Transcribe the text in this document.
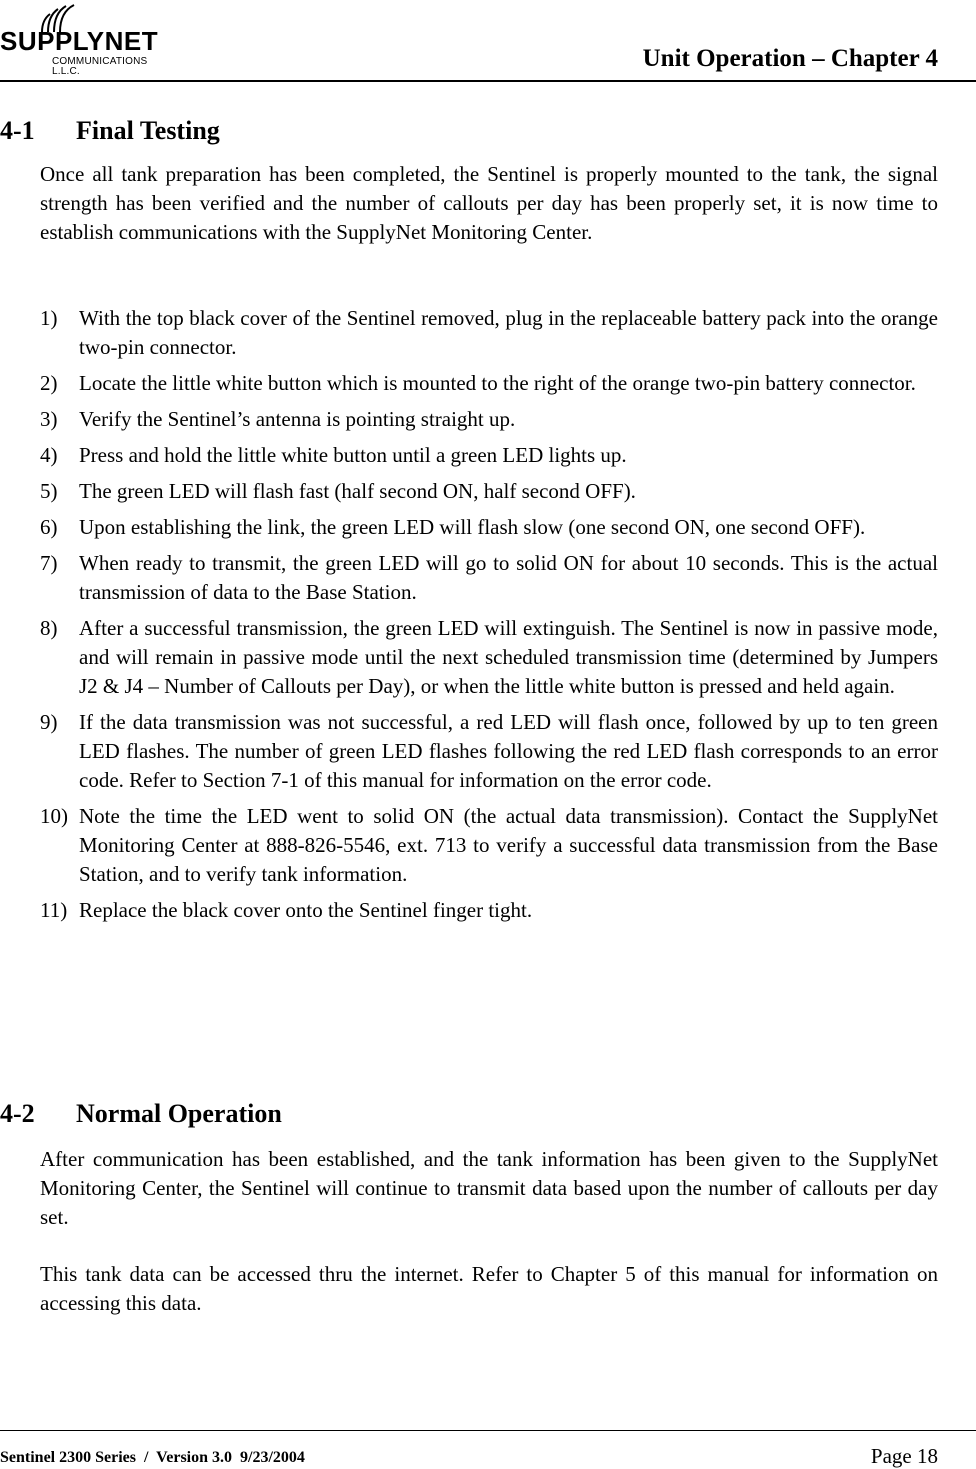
SUPPLYNET
COMMUNICATIONS L.L.C.	Unit Operation – Chapter 4
4-1 Final Testing

Once all tank preparation has been completed, the Sentinel is properly mounted to the tank, the signal strength has been verified and the number of callouts per day has been properly set, it is now time to establish communications with the SupplyNet Monitoring Center.

1) With the top black cover of the Sentinel removed, plug in the replaceable battery pack into the orange two-pin connector.
2) Locate the little white button which is mounted to the right of the orange two-pin battery connector.
3) Verify the Sentinel’s antenna is pointing straight up.
4) Press and hold the little white button until a green LED lights up.
5) The green LED will flash fast (half second ON, half second OFF).
6) Upon establishing the link, the green LED will flash slow (one second ON, one second OFF).
7) When ready to transmit, the green LED will go to solid ON for about 10 seconds. This is the actual transmission of data to the Base Station.
8) After a successful transmission, the green LED will extinguish. The Sentinel is now in passive mode, and will remain in passive mode until the next scheduled transmission time (determined by Jumpers J2 & J4 – Number of Callouts per Day), or when the little white button is pressed and held again.
9) If the data transmission was not successful, a red LED will flash once, followed by up to ten green LED flashes. The number of green LED flashes following the red LED flash corresponds to an error code. Refer to Section 7-1 of this manual for information on the error code.
10) Note the time the LED went to solid ON (the actual data transmission). Contact the SupplyNet Monitoring Center at 888-826-5546, ext. 713 to verify a successful data transmission from the Base Station, and to verify tank information.
11) Replace the black cover onto the Sentinel finger tight.
4-2 Normal Operation

After communication has been established, and the tank information has been given to the SupplyNet Monitoring Center, the Sentinel will continue to transmit data based upon the number of callouts per day set.

This tank data can be accessed thru the internet. Refer to Chapter 5 of this manual for information on accessing this data.

Sentinel 2300 Series  /  Version 3.0  9/23/2004	Page 18
